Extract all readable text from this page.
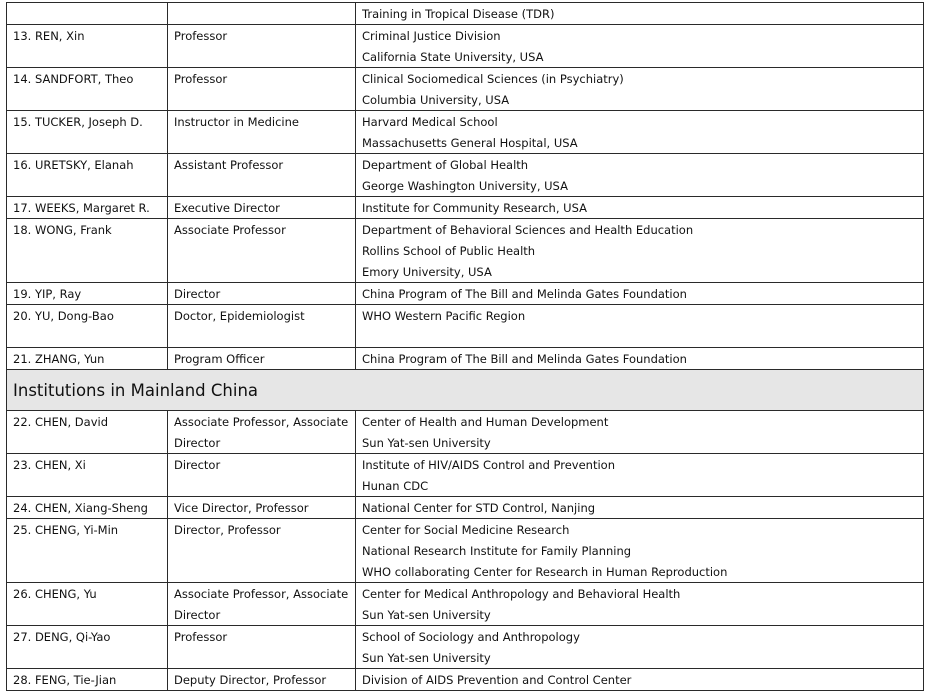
		Training in Tropical Disease (TDR)

13. REN, Xin	Professor	Criminal Justice Division
California State University, USA

14. SANDFORT, Theo	Professor	Clinical Sociomedical Sciences (in Psychiatry)
Columbia University, USA

15. TUCKER, Joseph D.	Instructor in Medicine	Harvard Medical School
Massachusetts General Hospital, USA

16. URETSKY, Elanah	Assistant Professor	Department of Global Health
George Washington University, USA

17. WEEKS, Margaret R.	Executive Director	Institute for Community Research, USA

18. WONG, Frank	Associate Professor	Department of Behavioral Sciences and Health Education
Rollins School of Public Health
Emory University, USA

19. YIP, Ray	Director	China Program of The Bill and Melinda Gates Foundation

20. YU, Dong-Bao	Doctor, Epidemiologist	WHO Western Pacific Region

21. ZHANG, Yun	Program Officer	China Program of The Bill and Melinda Gates Foundation

Institutions in Mainland China		

22. CHEN, David	Associate Professor, Associate
Director	Center of Health and Human Development
Sun Yat-sen University

23. CHEN, Xi	Director	Institute of HIV/AIDS Control and Prevention
Hunan CDC

24. CHEN, Xiang-Sheng	Vice Director, Professor	National Center for STD Control, Nanjing

25. CHENG, Yi-Min	Director, Professor	Center for Social Medicine Research
National Research Institute for Family Planning
WHO collaborating Center for Research in Human Reproduction

26. CHENG, Yu	Associate Professor, Associate
Director	Center for Medical Anthropology and Behavioral Health
Sun Yat-sen University

27. DENG, Qi-Yao	Professor	School of Sociology and Anthropology
Sun Yat-sen University

28. FENG, Tie-Jian	Deputy Director, Professor	Division of AIDS Prevention and Control Center
